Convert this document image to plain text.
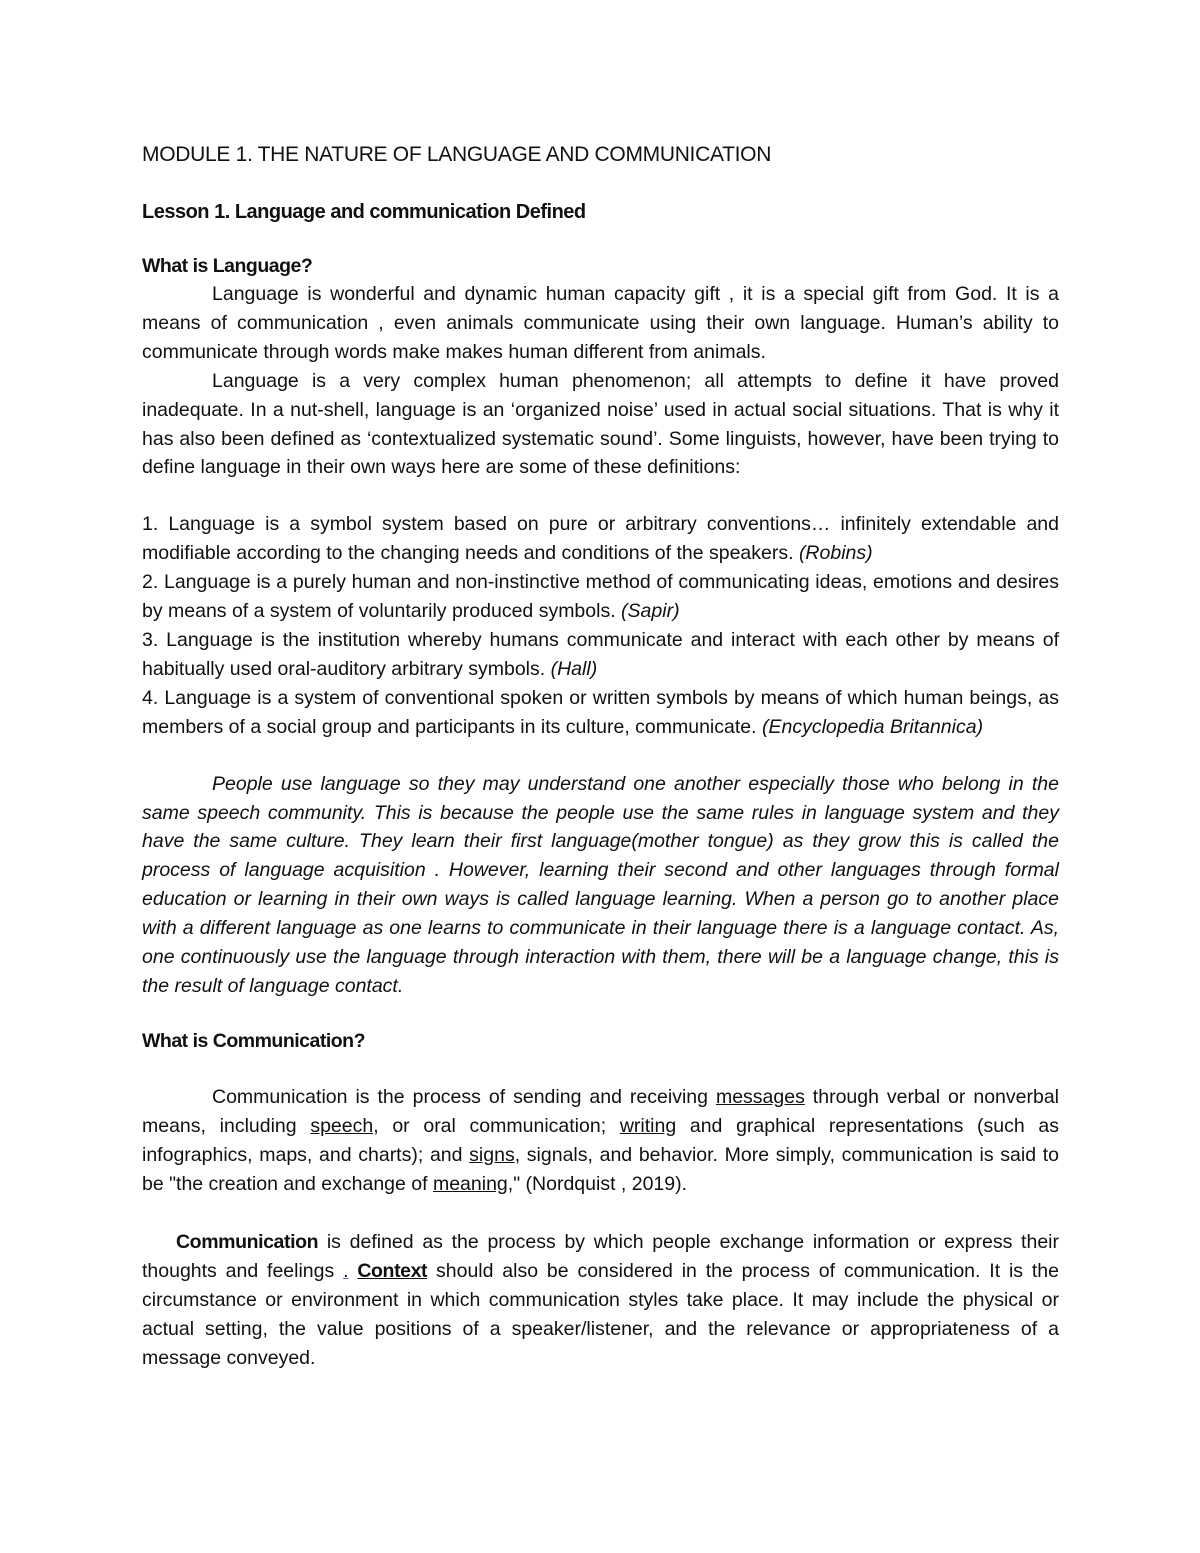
MODULE 1. THE NATURE OF LANGUAGE AND COMMUNICATION
Lesson 1. Language and communication Defined
What is Language?

Language is wonderful and dynamic human capacity gift , it is a special gift from God. It is a means of communication , even animals communicate using their own language. Human’s ability to communicate through words make makes human different from animals.

Language is a very complex human phenomenon; all attempts to define it have proved inadequate. In a nut-shell, language is an ‘organized noise’ used in actual social situations. That is why it has also been defined as ‘contextualized systematic sound’. Some linguists, however, have been trying to define language in their own ways here are some of these definitions:

1. Language is a symbol system based on pure or arbitrary conventions… infinitely extendable and modifiable according to the changing needs and conditions of the speakers. (Robins)
2. Language is a purely human and non-instinctive method of communicating ideas, emotions and desires by means of a system of voluntarily produced symbols. (Sapir)
3. Language is the institution whereby humans communicate and interact with each other by means of habitually used oral-auditory arbitrary symbols. (Hall)
4. Language is a system of conventional spoken or written symbols by means of which human beings, as members of a social group and participants in its culture, communicate. (Encyclopedia Britannica)

People use language so they may understand one another especially those who belong in the same speech community. This is because the people use the same rules in language system and they have the same culture. They learn their first language(mother tongue) as they grow this is called the process of language acquisition . However, learning their second and other languages through formal education or learning in their own ways is called language learning. When a person go to another place with a different language as one learns to communicate in their language there is a language contact. As, one continuously use the language through interaction with them, there will be a language change, this is the result of language contact.

What is Communication?

Communication is the process of sending and receiving messages through verbal or nonverbal means, including speech, or oral communication; writing and graphical representations (such as infographics, maps, and charts); and signs, signals, and behavior. More simply, communication is said to be "the creation and exchange of meaning," (Nordquist , 2019).

Communication is defined as the process by which people exchange information or express their thoughts and feelings . Context should also be considered in the process of communication. It is the circumstance or environment in which communication styles take place. It may include the physical or actual setting, the value positions of a speaker/listener, and the relevance or appropriateness of a message conveyed.
